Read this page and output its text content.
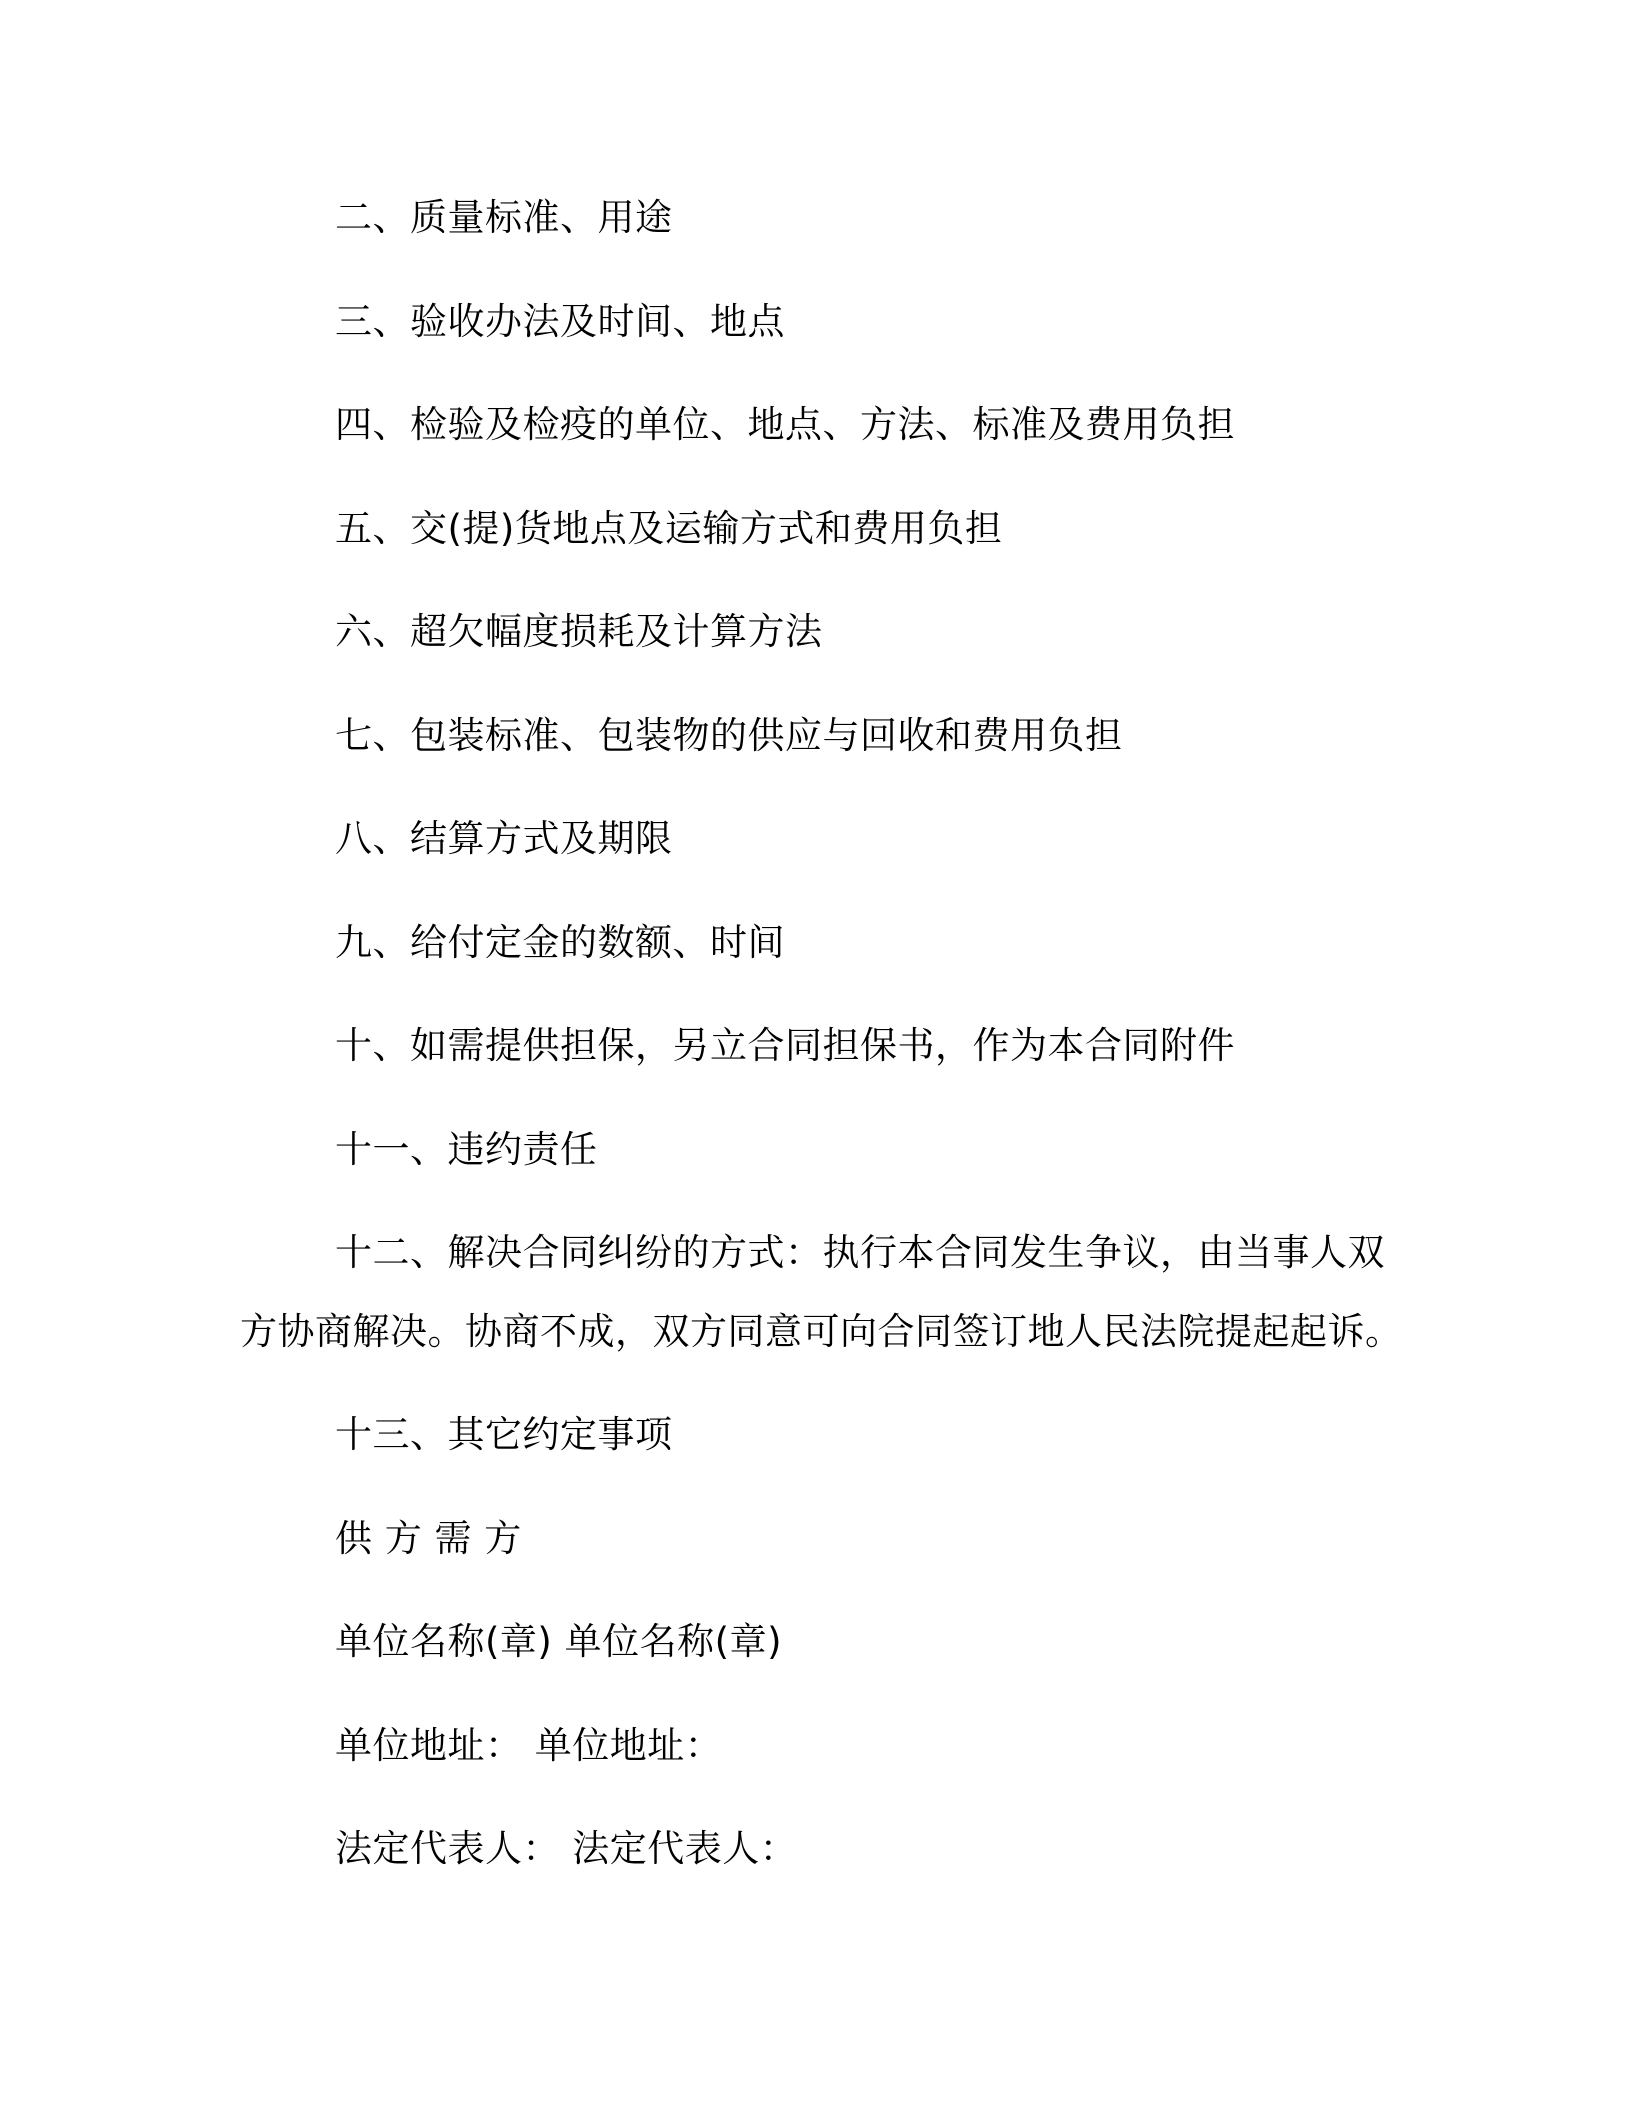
二、质量标准、用途
三、验收办法及时间、地点
四、检验及检疫的单位、地点、方法、标准及费用负担
五、交(提)货地点及运输方式和费用负担
六、超欠幅度损耗及计算方法
七、包装标准、包装物的供应与回收和费用负担
八、结算方式及期限
九、给付定金的数额、时间
十、如需提供担保，另立合同担保书，作为本合同附件
十一、违约责任
十二、解决合同纠纷的方式：执行本合同发生争议，由当事人双
方协商解决。协商不成，双方同意可向合同签订地人民法院提起起诉。
十三、其它约定事项
供 方 需 方
单位名称(章) 单位名称(章)
单位地址： 单位地址：
法定代表人： 法定代表人：
